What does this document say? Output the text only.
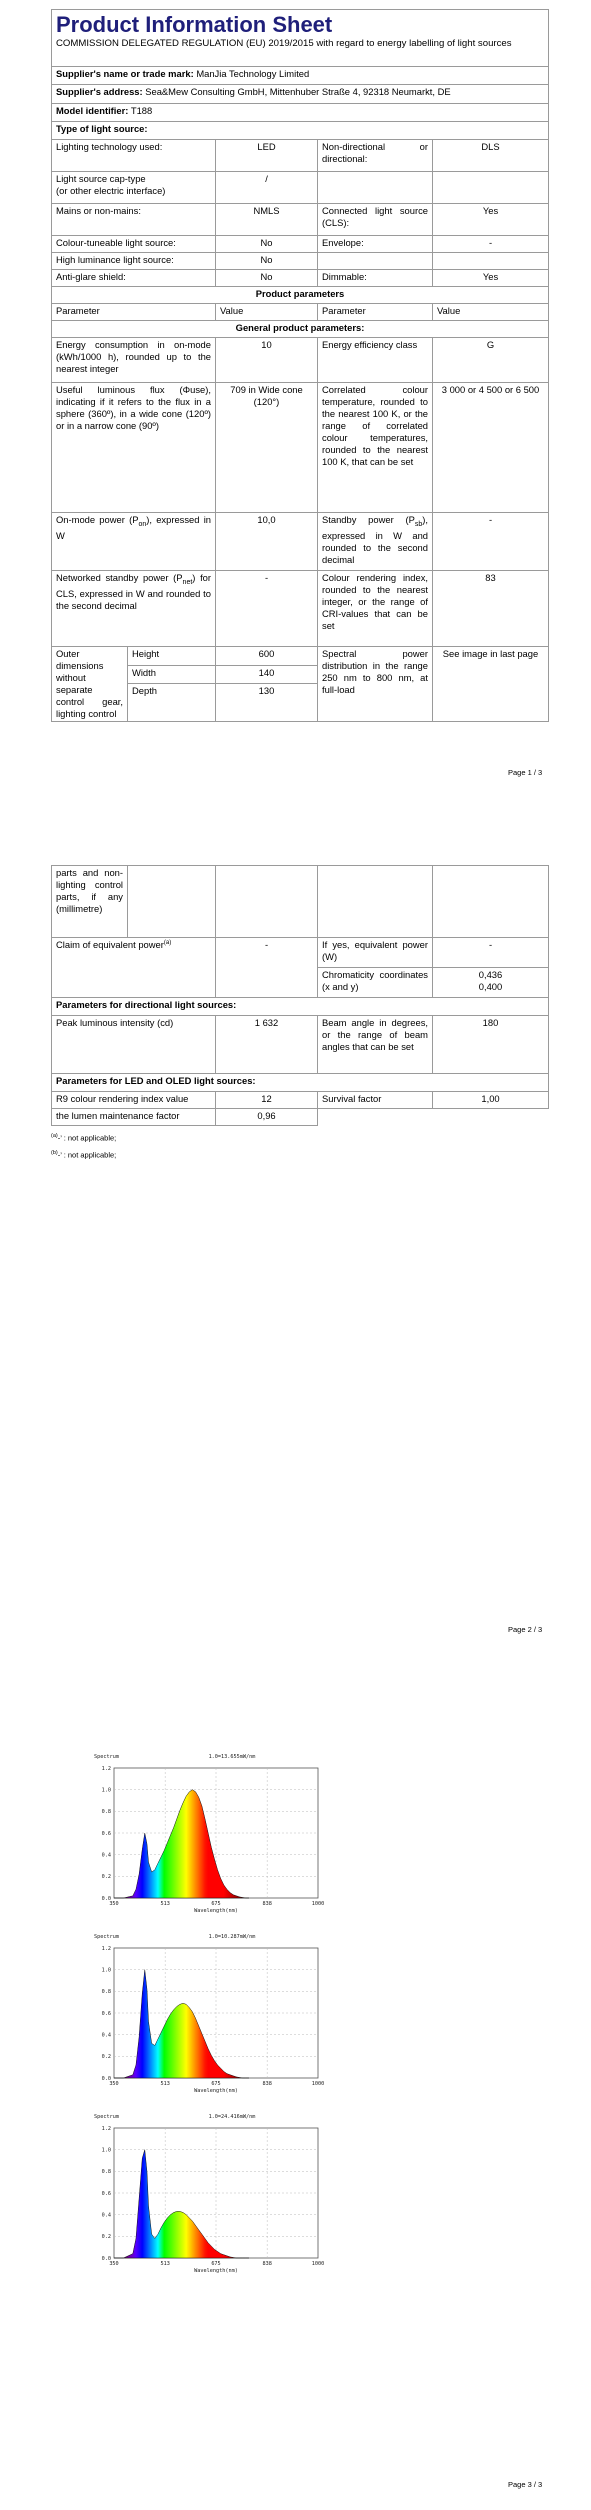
Product Information Sheet
COMMISSION DELEGATED REGULATION (EU) 2019/2015 with regard to energy labelling of light sources				

Supplier's name or trade mark: ManJia Technology Limited				
Supplier's address: Sea&Mew Consulting GmbH, Mittenhuber Straße 4, 92318 Neumarkt, DE				
Model identifier: T188				
Type of light source:				
Lighting technology used:		LED	Non-directional or directional:	DLS
Light source cap-type
(or other electric interface)		/		
Mains or non-mains:		NMLS	Connected light source (CLS):	Yes
Colour-tuneable light source:		No	Envelope:	-
High luminance light source:		No		
Anti-glare shield:		No	Dimmable:	Yes
Product parameters				
Parameter		Value	Parameter	Value
General product parameters:				
Energy consumption in on-mode (kWh/1000 h), rounded up to the nearest integer		10	Energy efficiency class	G
Useful luminous flux (Φuse), indicating if it refers to the flux in a sphere (360º), in a wide cone (120º) or in a narrow cone (90º)		709 in Wide cone (120°)	Correlated colour temperature, rounded to the nearest 100 K, or the range of correlated colour temperatures, rounded to the nearest 100 K, that can be set	3 000 or 4 500 or 6 500
On-mode power $(P_{on})$, expressed in W		10,0	Standby power $(P_{sb})$, expressed in W and rounded to the second decimal	-
Networked standby power $(P_{net})$ for CLS, expressed in W and rounded to the second decimal		-	Colour rendering index, rounded to the nearest integer, or the range of CRI-values that can be set	83
Outer dimensions without separate control gear, lighting control	Height	600	Spectral power distribution in the range 250 nm to 800 nm, at full-load	See image in last page
	Width	140		
	Depth	130		
Page 1 / 3
parts and non-lighting control parts, if any (millimetre)				
Claim of equivalent power$^{(a)}$		-	If yes, equivalent power (W)	-
			Chromaticity coordinates (x and y)	0,436
0,400

Parameters for directional light sources:				
Peak luminous intensity (cd)		1 632	Beam angle in degrees, or the range of beam angles that can be set	180
Parameters for LED and OLED light sources:				
R9 colour rendering index value		12	Survival factor	1,00
the lumen maintenance factor		0,96		
$^{(a)}$-’ : not applicable;
$^{(b)}$-’ : not applicable;
Page 2 / 3
0.0
0.2
0.4
0.6
0.8
1.0
1.2
350	513	675	838	1000
Wavelength(nm)
Spectrum	1.0=13.655mW/nm
0.0
0.2
0.4
0.6
0.8
1.0
1.2
350	513	675	838	1000
Wavelength(nm)
Spectrum	1.0=10.287mW/nm
0.0
0.2
0.4
0.6
0.8
1.0
1.2
350	513	675	838	1000
Wavelength(nm)
Spectrum	1.0=24.416mW/nm
Page 3 / 3
